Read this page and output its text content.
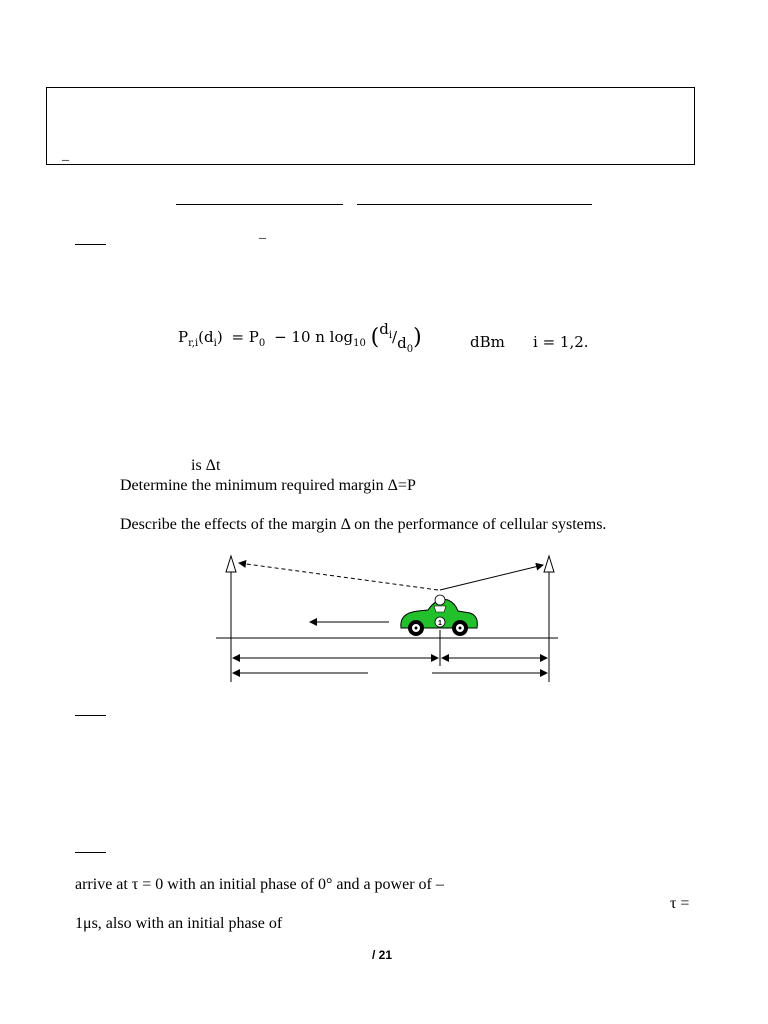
_
_
$P_{r,i}(d_i) = P_0 - 10$ n $\log_{10} (d_i/d_0)$	dBm i = 1,2.
is Δt
Determine the minimum required margin Δ=P
Describe the effects of the margin Δ on the performance of cellular systems.
1
arrive at τ = 0 with an initial phase of 0° and a power of –
τ =
1μs, also with an initial phase of
/ 21
